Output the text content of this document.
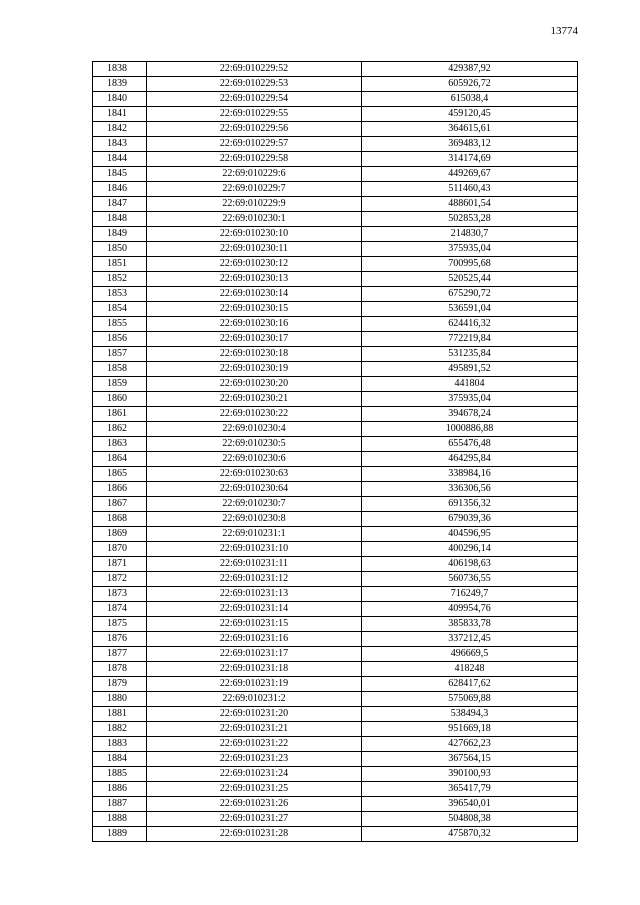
13774
1838	22:69:010229:52	429387,92
1839	22:69:010229:53	605926,72
1840	22:69:010229:54	615038,4
1841	22:69:010229:55	459120,45
1842	22:69:010229:56	364615,61
1843	22:69:010229:57	369483,12
1844	22:69:010229:58	314174,69
1845	22:69:010229:6	449269,67
1846	22:69:010229:7	511460,43
1847	22:69:010229:9	488601,54
1848	22:69:010230:1	502853,28
1849	22:69:010230:10	214830,7
1850	22:69:010230:11	375935,04
1851	22:69:010230:12	700995,68
1852	22:69:010230:13	520525,44
1853	22:69:010230:14	675290,72
1854	22:69:010230:15	536591,04
1855	22:69:010230:16	624416,32
1856	22:69:010230:17	772219,84
1857	22:69:010230:18	531235,84
1858	22:69:010230:19	495891,52
1859	22:69:010230:20	441804
1860	22:69:010230:21	375935,04
1861	22:69:010230:22	394678,24
1862	22:69:010230:4	1000886,88
1863	22:69:010230:5	655476,48
1864	22:69:010230:6	464295,84
1865	22:69:010230:63	338984,16
1866	22:69:010230:64	336306,56
1867	22:69:010230:7	691356,32
1868	22:69:010230:8	679039,36
1869	22:69:010231:1	404596,95
1870	22:69:010231:10	400296,14
1871	22:69:010231:11	406198,63
1872	22:69:010231:12	560736,55
1873	22:69:010231:13	716249,7
1874	22:69:010231:14	409954,76
1875	22:69:010231:15	385833,78
1876	22:69:010231:16	337212,45
1877	22:69:010231:17	496669,5
1878	22:69:010231:18	418248
1879	22:69:010231:19	628417,62
1880	22:69:010231:2	575069,88
1881	22:69:010231:20	538494,3
1882	22:69:010231:21	951669,18
1883	22:69:010231:22	427662,23
1884	22:69:010231:23	367564,15
1885	22:69:010231:24	390100,93
1886	22:69:010231:25	365417,79
1887	22:69:010231:26	396540,01
1888	22:69:010231:27	504808,38
1889	22:69:010231:28	475870,32
